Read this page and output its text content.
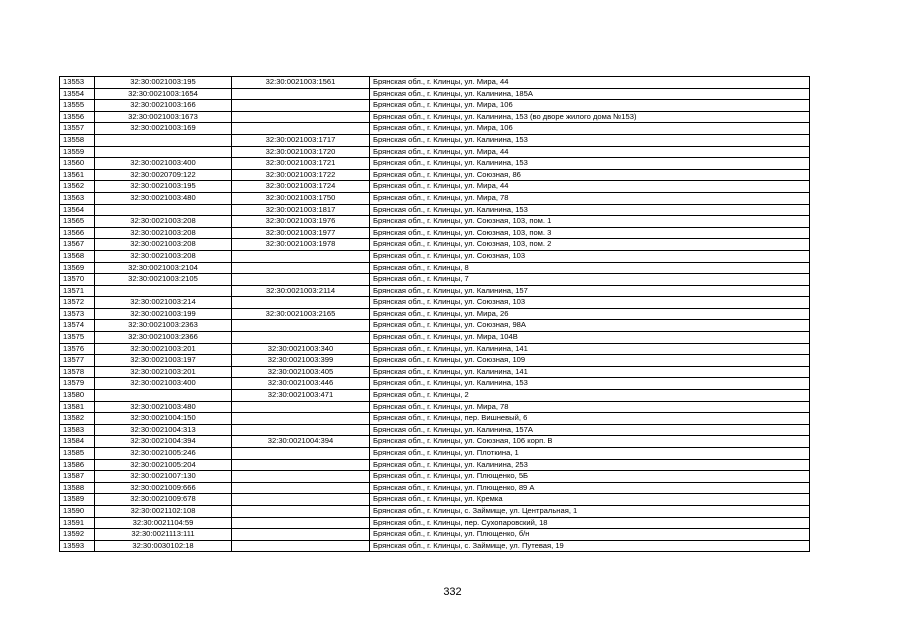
13553	32:30:0021003:195	32:30:0021003:1561	Брянская обл., г. Клинцы, ул. Мира, 44
13554	32:30:0021003:1654		Брянская обл., г. Клинцы, ул. Калинина, 185А
13555	32:30:0021003:166		Брянская обл., г. Клинцы, ул. Мира, 106
13556	32:30:0021003:1673		Брянская обл., г. Клинцы, ул. Калинина, 153 (во дворе жилого дома №153)
13557	32:30:0021003:169		Брянская обл., г. Клинцы, ул. Мира, 106
13558		32:30:0021003:1717	Брянская обл., г. Клинцы, ул. Калинина, 153
13559		32:30:0021003:1720	Брянская обл., г. Клинцы, ул. Мира, 44
13560	32:30:0021003:400	32:30:0021003:1721	Брянская обл., г. Клинцы, ул. Калинина, 153
13561	32:30:0020709:122	32:30:0021003:1722	Брянская обл., г. Клинцы, ул. Союзная, 86
13562	32:30:0021003:195	32:30:0021003:1724	Брянская обл., г. Клинцы, ул. Мира, 44
13563	32:30:0021003:480	32:30:0021003:1750	Брянская обл., г. Клинцы, ул. Мира, 78
13564		32:30:0021003:1817	Брянская обл., г. Клинцы, ул. Калинина, 153
13565	32:30:0021003:208	32:30:0021003:1976	Брянская обл., г. Клинцы, ул. Союзная, 103, пом. 1
13566	32:30:0021003:208	32:30:0021003:1977	Брянская обл., г. Клинцы, ул. Союзная, 103, пом. 3
13567	32:30:0021003:208	32:30:0021003:1978	Брянская обл., г. Клинцы, ул. Союзная, 103, пом. 2
13568	32:30:0021003:208		Брянская обл., г. Клинцы, ул. Союзная, 103
13569	32:30:0021003:2104		Брянская обл., г. Клинцы, 8
13570	32:30:0021003:2105		Брянская обл., г. Клинцы, 7
13571		32:30:0021003:2114	Брянская обл., г. Клинцы, ул. Калинина, 157
13572	32:30:0021003:214		Брянская обл., г. Клинцы, ул. Союзная, 103
13573	32:30:0021003:199	32:30:0021003:2165	Брянская обл., г. Клинцы, ул. Мира, 26
13574	32:30:0021003:2363		Брянская обл., г. Клинцы, ул. Союзная, 98А
13575	32:30:0021003:2366		Брянская обл., г. Клинцы, ул. Мира, 104В
13576	32:30:0021003:201	32:30:0021003:340	Брянская обл., г. Клинцы, ул. Калинина, 141
13577	32:30:0021003:197	32:30:0021003:399	Брянская обл., г. Клинцы, ул. Союзная, 109
13578	32:30:0021003:201	32:30:0021003:405	Брянская обл., г. Клинцы, ул. Калинина, 141
13579	32:30:0021003:400	32:30:0021003:446	Брянская обл., г. Клинцы, ул. Калинина, 153
13580		32:30:0021003:471	Брянская обл., г. Клинцы, 2
13581	32:30:0021003:480		Брянская обл., г. Клинцы, ул. Мира, 78
13582	32:30:0021004:150		Брянская обл., г. Клинцы, пер. Вишневый, 6
13583	32:30:0021004:313		Брянская обл., г. Клинцы, ул. Калинина, 157А
13584	32:30:0021004:394	32:30:0021004:394	Брянская обл., г. Клинцы, ул. Союзная, 106 корп. В
13585	32:30:0021005:246		Брянская обл., г. Клинцы, ул. Плоткина, 1
13586	32:30:0021005:204		Брянская обл., г. Клинцы, ул. Калинина, 253
13587	32:30:0021007:130		Брянская обл., г. Клинцы, ул. Плющенко, 5Б
13588	32:30:0021009:666		Брянская обл., г. Клинцы, ул. Плющенко, 89 А
13589	32:30:0021009:678		Брянская обл., г. Клинцы, ул. Кремка
13590	32:30:0021102:108		Брянская обл., г. Клинцы, с. Займище, ул. Центральная, 1
13591	32:30:0021104:59		Брянская обл., г. Клинцы, пер. Сухопаровский, 18
13592	32:30:0021113:111		Брянская обл., г. Клинцы, ул. Плющенко, б/н
13593	32:30:0030102:18		Брянская обл., г. Клинцы, с. Займище, ул. Путевая, 19
332
